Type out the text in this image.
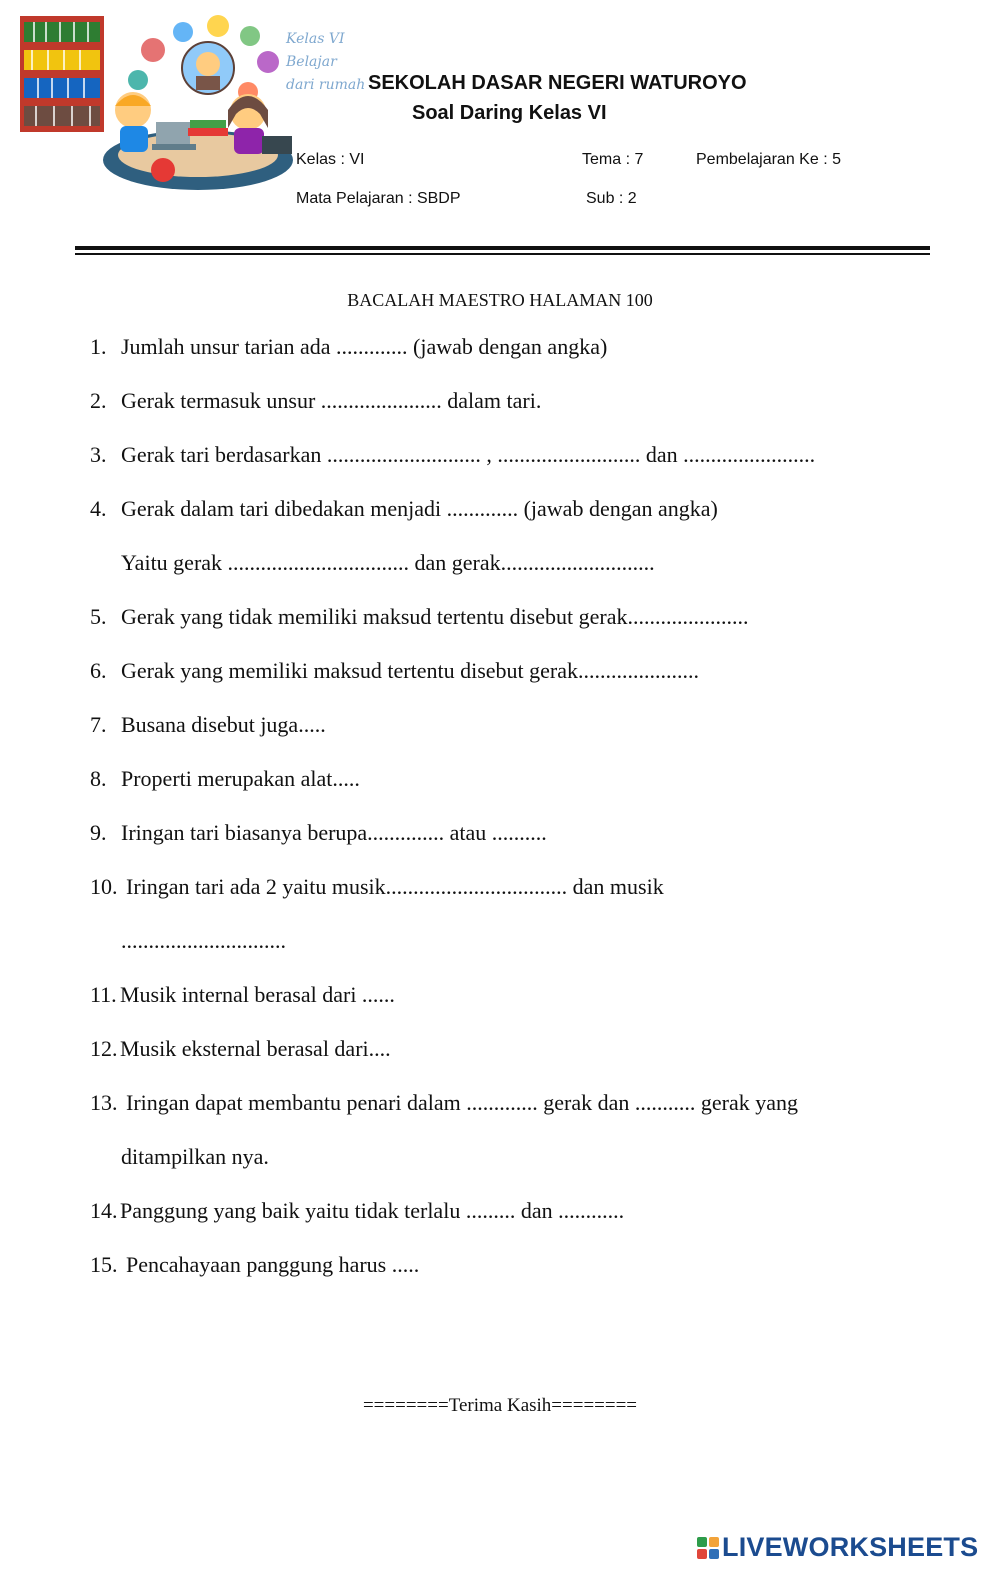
Kelas VI
Belajar
dari rumah SEKOLAH DASAR NEGERI WATUROYO
Soal Daring Kelas VI
Kelas : VI	Tema : 7	Pembelajaran Ke : 5
Mata Pelajaran : SBDP	Sub : 2
BACALAH MAESTRO HALAMAN 100
1. Jumlah unsur tarian ada ............. (jawab dengan angka)
2. Gerak termasuk unsur ...................... dalam tari.
3. Gerak tari berdasarkan ............................ , .......................... dan ........................
4. Gerak dalam tari dibedakan menjadi ............. (jawab dengan angka)
Yaitu gerak ................................. dan gerak............................
5. Gerak yang tidak memiliki maksud tertentu disebut gerak......................
6. Gerak yang memiliki maksud tertentu disebut gerak......................
7. Busana disebut juga.....
8. Properti merupakan alat.....
9. Iringan tari biasanya berupa.............. atau ..........
10. Iringan tari ada 2 yaitu musik................................. dan musik
..............................
11. Musik internal berasal dari ......
12. Musik eksternal berasal dari....
13. Iringan dapat membantu penari dalam ............. gerak dan ........... gerak yang
ditampilkan nya.
14. Panggung yang baik yaitu tidak terlalu ......... dan ............
15. Pencahayaan panggung harus .....
========Terima Kasih========
LIVEWORKSHEETS
